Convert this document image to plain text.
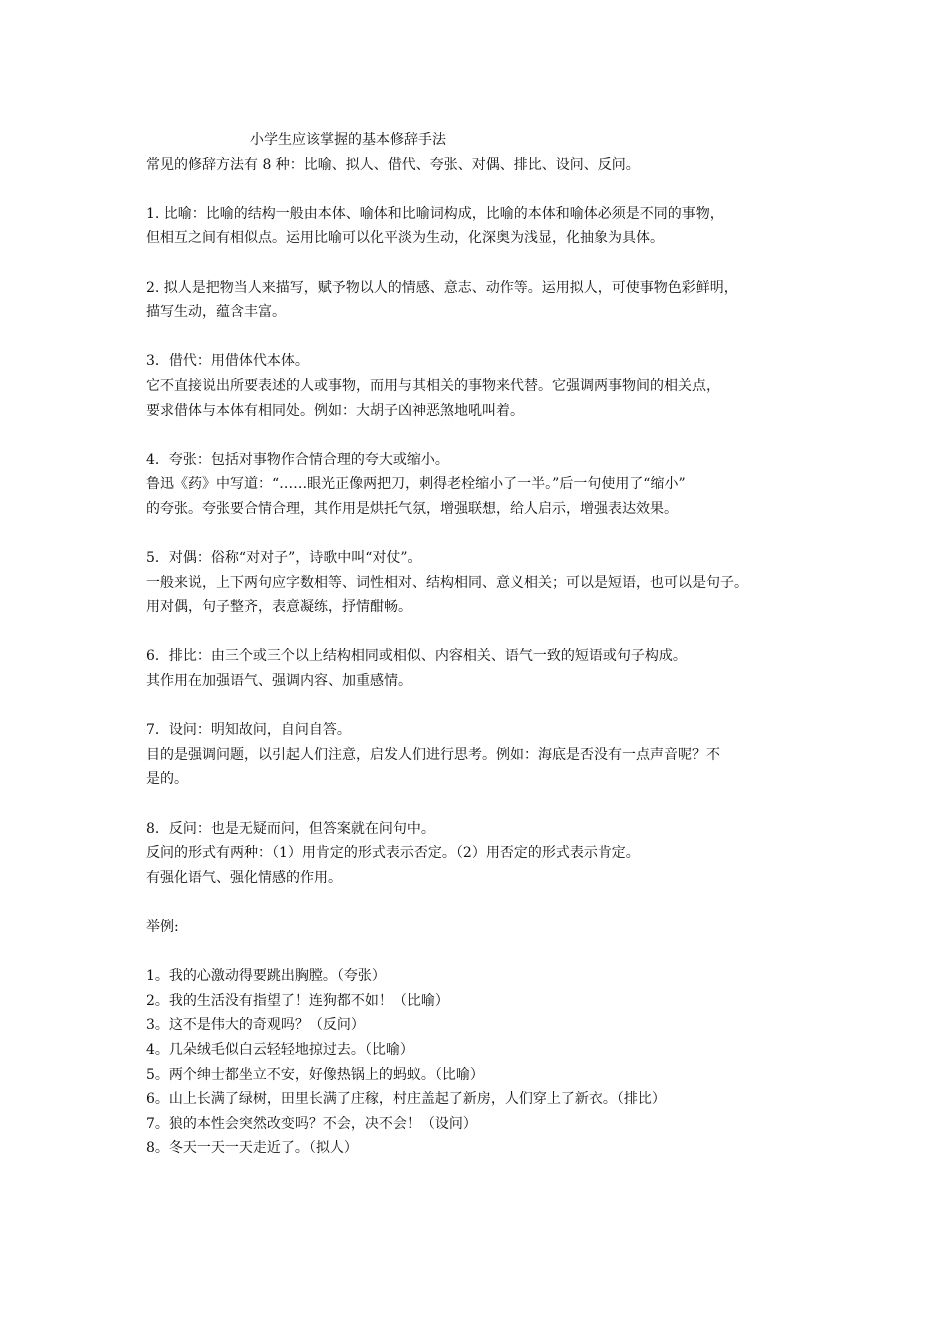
小学生应该掌握的基本修辞手法
常见的修辞方法有 8 种：比喻、拟人、借代、夸张、对偶、排比、设问、反问。
1. 比喻：比喻的结构一般由本体、喻体和比喻词构成，比喻的本体和喻体必须是不同的事物，
但相互之间有相似点。运用比喻可以化平淡为生动，化深奥为浅显，化抽象为具体。
2. 拟人是把物当人来描写，赋予物以人的情感、意志、动作等。运用拟人，可使事物色彩鲜明，
描写生动，蕴含丰富。
3．借代：用借体代本体。
它不直接说出所要表述的人或事物，而用与其相关的事物来代替。它强调两事物间的相关点，
要求借体与本体有相同处。例如：大胡子凶神恶煞地吼叫着。
4．夸张：包括对事物作合情合理的夸大或缩小。
鲁迅《药》中写道：“……眼光正像两把刀，刺得老栓缩小了一半。”后一句使用了“缩小”
的夸张。夸张要合情合理，其作用是烘托气氛，增强联想，给人启示，增强表达效果。
5．对偶：俗称“对对子”，诗歌中叫“对仗”。
一般来说，上下两句应字数相等、词性相对、结构相同、意义相关；可以是短语，也可以是句子。
用对偶，句子整齐，表意凝练，抒情酣畅。
6．排比：由三个或三个以上结构相同或相似、内容相关、语气一致的短语或句子构成。
其作用在加强语气、强调内容、加重感情。
7．设问：明知故问，自问自答。
目的是强调问题，以引起人们注意，启发人们进行思考。例如：海底是否没有一点声音呢？不
是的。
8．反问：也是无疑而问，但答案就在问句中。
反问的形式有两种：（1）用肯定的形式表示否定。（2）用否定的形式表示肯定。
有强化语气、强化情感的作用。
举例:
1。我的心激动得要跳出胸膛。（夸张）
2。我的生活没有指望了！连狗都不如！（比喻）
3。这不是伟大的奇观吗？（反问）
4。几朵绒毛似白云轻轻地掠过去。（比喻）
5。两个绅士都坐立不安，好像热锅上的蚂蚁。（比喻）
6。山上长满了绿树，田里长满了庄稼，村庄盖起了新房，人们穿上了新衣。（排比）
7。狼的本性会突然改变吗？不会，决不会！（设问）
8。冬天一天一天走近了。（拟人）
